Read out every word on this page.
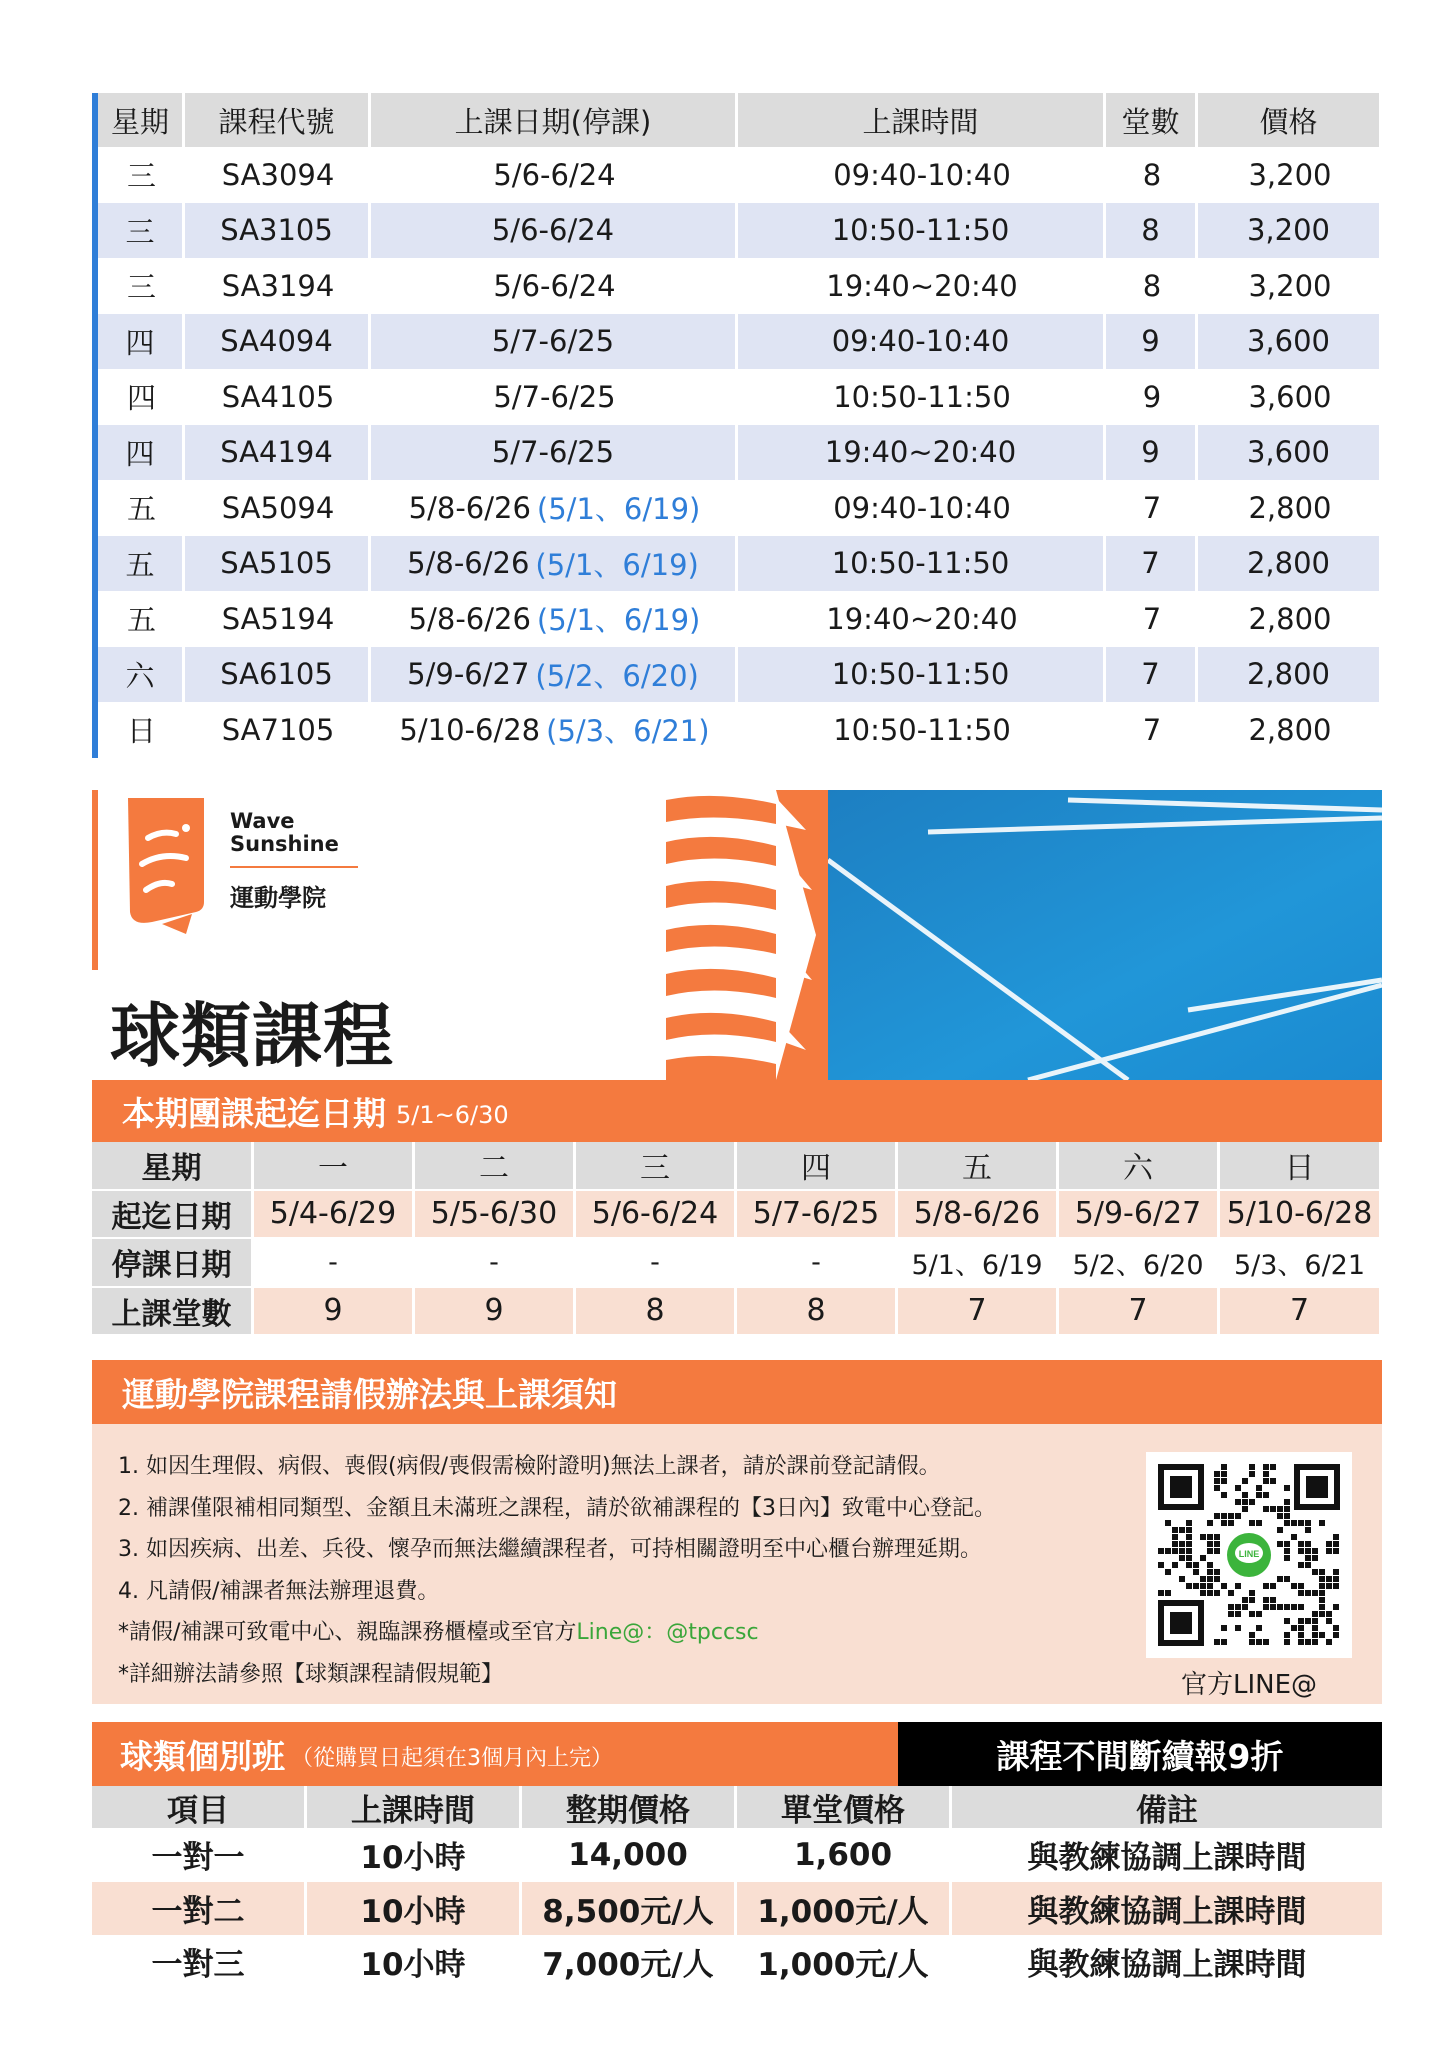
星期	課程代號	上課日期(停課)	上課時間	堂數	價格
三	SA3094	5/6-6/24	09:40-10:40	8	3,200
三	SA3105	5/6-6/24	10:50-11:50	8	3,200
三	SA3194	5/6-6/24	19:40~20:40	8	3,200
四	SA4094	5/7-6/25	09:40-10:40	9	3,600
四	SA4105	5/7-6/25	10:50-11:50	9	3,600
四	SA4194	5/7-6/25	19:40~20:40	9	3,600
五	SA5094	5/8-6/26 (5/1、6/19)	09:40-10:40	7	2,800
五	SA5105	5/8-6/26 (5/1、6/19)	10:50-11:50	7	2,800
五	SA5194	5/8-6/26 (5/1、6/19)	19:40~20:40	7	2,800
六	SA6105	5/9-6/27 (5/2、6/20)	10:50-11:50	7	2,800
日	SA7105	5/10-6/28 (5/3、6/21)	10:50-11:50	7	2,800
Wave
Sunshine
運動學院
球類課程
本期團課起迄日期 5/1~6/30
星期	一	二	三	四	五	六	日
起迄日期	5/4-6/29	5/5-6/30	5/6-6/24	5/7-6/25	5/8-6/26	5/9-6/27 5/10-6/28
停課日期	-	-	-	-	5/1、6/19	5/2、6/20	5/3、6/21
上課堂數	9	9	8	8	7	7	7
運動學院課程請假辦法與上課須知
1. 如因生理假、病假、喪假(病假/喪假需檢附證明)無法上課者，請於課前登記請假。
2. 補課僅限補相同類型、金額且未滿班之課程，請於欲補課程的【3日內】致電中心登記。
3. 如因疾病、出差、兵役、懷孕而無法繼續課程者，可持相關證明至中心櫃台辦理延期。
4. 凡請假/補課者無法辦理退費。
*請假/補課可致電中心、親臨課務櫃檯或至官方Line@：@tpccsc
*詳細辦法請參照【球類課程請假規範】
LINE
官方LINE@
球類個別班 （從購買日起須在3個月內上完）	課程不間斷續報9折
項目	上課時間	整期價格	單堂價格	備註
一對一	10小時	14,000	1,600	與教練協調上課時間
一對二	10小時	8,500元/人	1,000元/人	與教練協調上課時間
一對三	10小時	7,000元/人	1,000元/人	與教練協調上課時間
